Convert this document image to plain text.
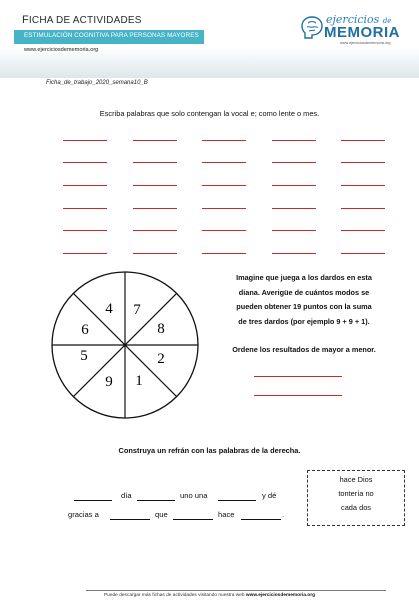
FICHA DE ACTIVIDADES
ESTIMULACIÓN COGNITIVA PARA PERSONAS MAYORES
www.ejerciciosdememoria.org
ejercicios de
MEMORIA
www.ejerciciosdememoria.org
Ficha_de_trabajo_2020_semana10_B
Escriba palabras que solo contengan la vocal e; como lente o mes.
7
8
2
1
9
5
6
4
Imagine que juega a los dardos en esta
diana. Averigüe de cuántos modos se
pueden obtener 19 puntos con la suma
de tres dardos (por ejemplo 9 + 9 + 1).
Ordene los resultados de mayor a menor.
Construya un refrán con las palabras de la derecha.
día	uno una	y dé
gracias a	que	hace	.
hace Dios
tontería no
cada dos
Puede descargar más fichas de actividades visitando nuestra web www.ejerciciosdememoria.org
